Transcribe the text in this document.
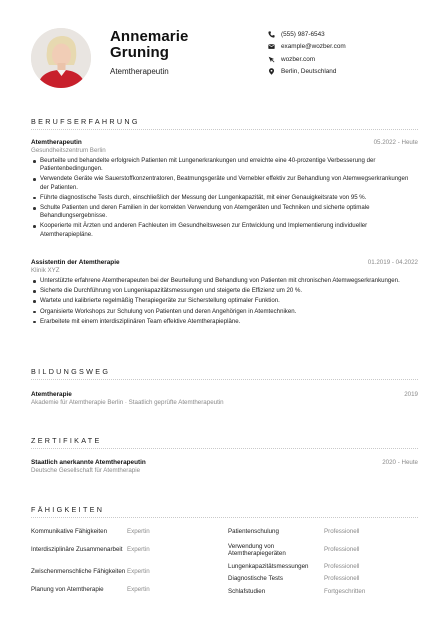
Annemarie
Gruning
Atemtherapeutin
(555) 987-6543
example@wozber.com
wozber.com
Berlin, Deutschland
BERUFSERFAHRUNG
Atemtherapeutin	05.2022 - Heute
Gesundheitszentrum Berlin
Beurteilte und behandelte erfolgreich Patienten mit Lungenerkrankungen und erreichte eine 40-prozentige Verbesserung der Patientenbedingungen.
Verwendete Geräte wie Sauerstoffkonzentratoren, Beatmungsgeräte und Vernebler effektiv zur Behandlung von Atemwegserkrankungen der Patienten.
Führte diagnostische Tests durch, einschließlich der Messung der Lungenkapazität, mit einer Genauigkeitsrate von 95 %.
Schulte Patienten und deren Familien in der korrekten Verwendung von Atemgeräten und Techniken und sicherte optimale Behandlungsergebnisse.
Kooperierte mit Ärzten und anderen Fachleuten im Gesundheitswesen zur Entwicklung und Implementierung individueller Atemtherapiepläne.
Assistentin der Atemtherapie	01.2019 - 04.2022
Klinik XYZ
Unterstützte erfahrene Atemtherapeuten bei der Beurteilung und Behandlung von Patienten mit chronischen Atemwegserkrankungen.
Sicherte die Durchführung von Lungenkapazitätsmessungen und steigerte die Effizienz um 20 %.
Wartete und kalibrierte regelmäßig Therapiegeräte zur Sicherstellung optimaler Funktion.
Organisierte Workshops zur Schulung von Patienten und deren Angehörigen in Atemtechniken.
Erarbeitete mit einem interdisziplinären Team effektive Atemtherapiepläne.
BILDUNGSWEG
Atemtherapie	2019
Akademie für Atemtherapie Berlin · Staatlich geprüfte Atemtherapeutin
ZERTIFIKATE
Staatlich anerkannte Atemtherapeutin	2020 - Heute
Deutsche Gesellschaft für Atemtherapie
FÄHIGKEITEN
Kommunikative Fähigkeiten	Expertin
Interdisziplinäre Zusammenarbeit Expertin
Zwischenmenschliche Fähigkeiten Expertin
Planung von Atemtherapie	Expertin
Patientenschulung	Professionell
Verwendung von Atemtherapiegeräten
Professionell
Lungenkapazitätsmessungen	Professionell
Diagnostische Tests	Professionell
Schlafstudien	Fortgeschritten
